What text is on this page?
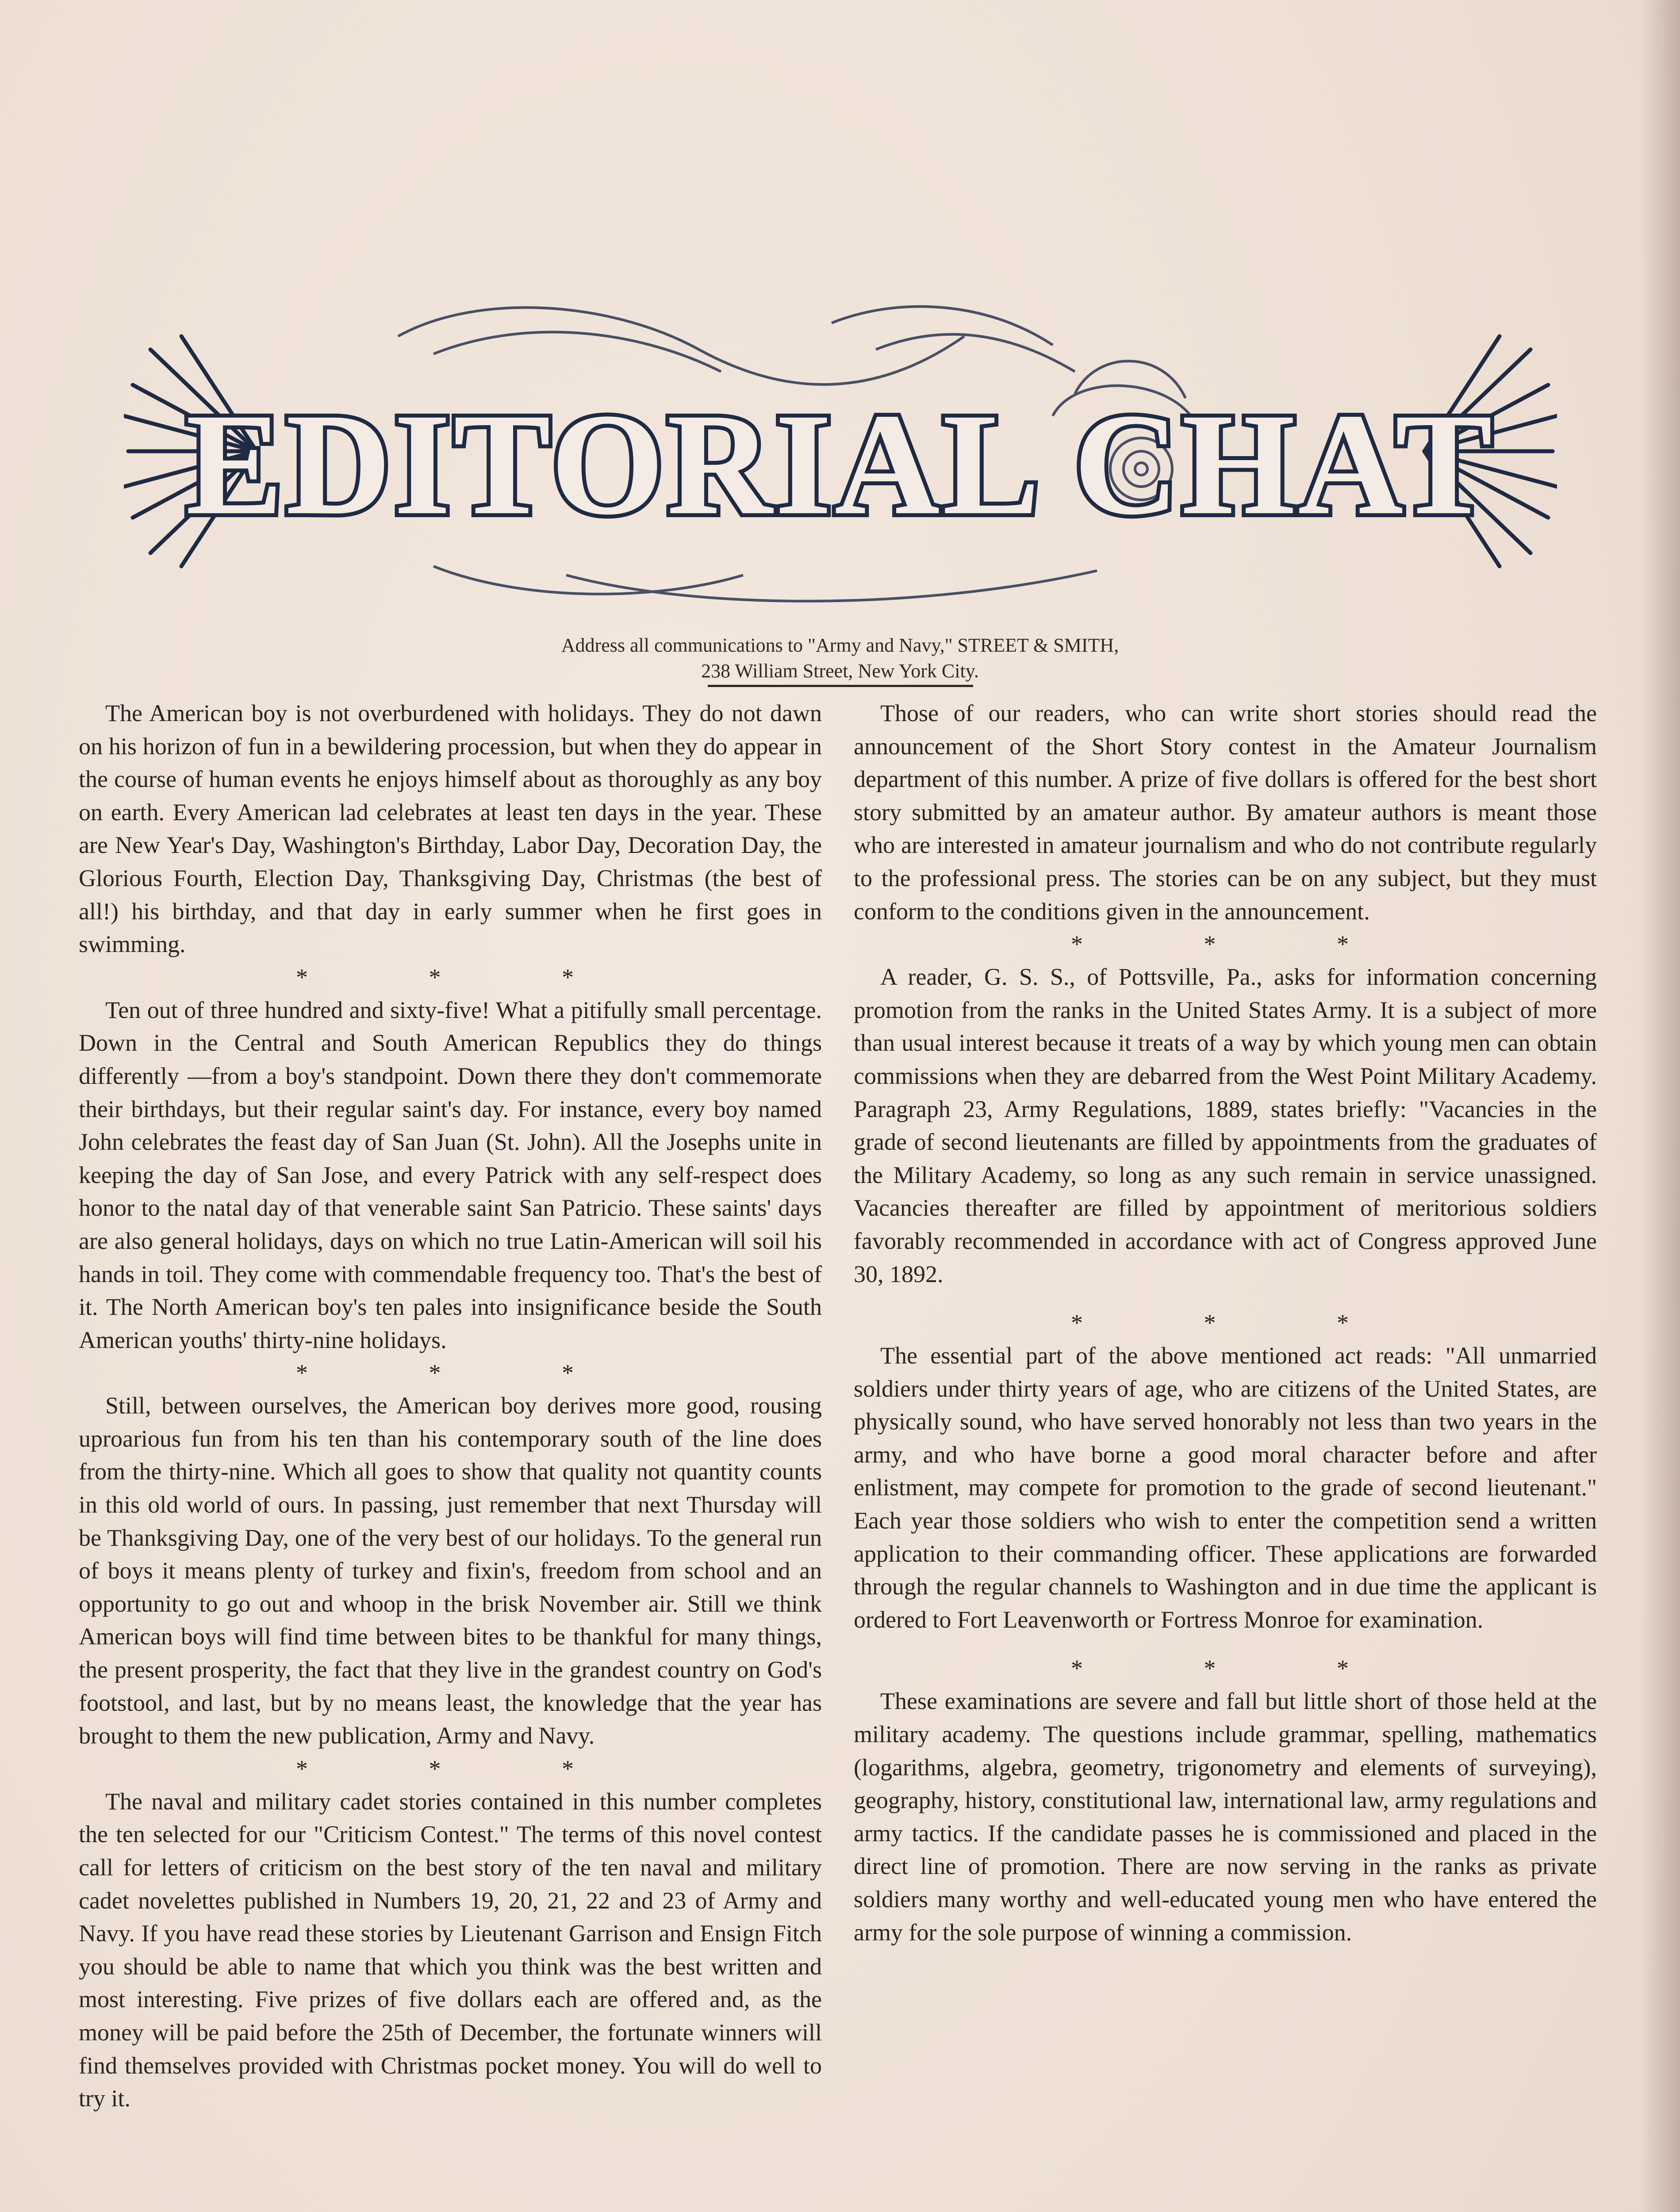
EDITORIAL CHAT
Address all communications to "Army and Navy," STREET & SMITH,
238 William Street, New York City.

The American boy is not overburdened with holidays. They do not dawn on his horizon of fun in a bewildering procession, but when they do appear in the course of human events he enjoys himself about as thoroughly as any boy on earth. Every American lad celebrates at least ten days in the year. These are New Year's Day, Washington's Birthday, Labor Day, Decoration Day, the Glorious Fourth, Election Day, Thanksgiving Day, Christmas (the best of all!) his birthday, and that day in early summer when he first goes in swimming.

* * *

Ten out of three hundred and sixty-five! What a pitifully small percentage. Down in the Central and South American Republics they do things differently —from a boy's standpoint. Down there they don't commemorate their birthdays, but their regular saint's day. For instance, every boy named John celebrates the feast day of San Juan (St. John). All the Josephs unite in keeping the day of San Jose, and every Patrick with any self-respect does honor to the natal day of that venerable saint San Patricio. These saints' days are also general holidays, days on which no true Latin-American will soil his hands in toil. They come with commendable frequency too. That's the best of it. The North American boy's ten pales into insignificance beside the South American youths' thirty-nine holidays.

* * *

Still, between ourselves, the American boy derives more good, rousing uproarious fun from his ten than his contemporary south of the line does from the thirty-nine. Which all goes to show that quality not quantity counts in this old world of ours. In passing, just remember that next Thursday will be Thanksgiving Day, one of the very best of our holidays. To the general run of boys it means plenty of turkey and fixin's, freedom from school and an opportunity to go out and whoop in the brisk November air. Still we think American boys will find time between bites to be thankful for many things, the present prosperity, the fact that they live in the grandest country on God's footstool, and last, but by no means least, the knowledge that the year has brought to them the new publication, Army and Navy.

* * *

The naval and military cadet stories contained in this number completes the ten selected for our "Criticism Contest." The terms of this novel contest call for letters of criticism on the best story of the ten naval and military cadet novelettes published in Numbers 19, 20, 21, 22 and 23 of Army and Navy. If you have read these stories by Lieutenant Garrison and Ensign Fitch you should be able to name that which you think was the best written and most interesting. Five prizes of five dollars each are offered and, as the money will be paid before the 25th of December, the fortunate winners will find themselves provided with Christmas pocket money. You will do well to try it.

Those of our readers, who can write short stories should read the announcement of the Short Story contest in the Amateur Journalism department of this number. A prize of five dollars is offered for the best short story submitted by an amateur author. By amateur authors is meant those who are interested in amateur journalism and who do not contribute regularly to the professional press. The stories can be on any subject, but they must conform to the conditions given in the announcement.

* * *

A reader, G. S. S., of Pottsville, Pa., asks for information concerning promotion from the ranks in the United States Army. It is a subject of more than usual interest because it treats of a way by which young men can obtain commissions when they are debarred from the West Point Military Academy. Paragraph 23, Army Regulations, 1889, states briefly: "Vacancies in the grade of second lieutenants are filled by appointments from the graduates of the Military Academy, so long as any such remain in service unassigned. Vacancies thereafter are filled by appointment of meritorious soldiers favorably recommended in accordance with act of Congress approved June 30, 1892.

* * *

The essential part of the above mentioned act reads: "All unmarried soldiers under thirty years of age, who are citizens of the United States, are physically sound, who have served honorably not less than two years in the army, and who have borne a good moral character before and after enlistment, may compete for promotion to the grade of second lieutenant." Each year those soldiers who wish to enter the competition send a written application to their commanding officer. These applications are forwarded through the regular channels to Washington and in due time the applicant is ordered to Fort Leavenworth or Fortress Monroe for examination.

* * *

These examinations are severe and fall but little short of those held at the military academy. The questions include grammar, spelling, mathematics (logarithms, algebra, geometry, trigonometry and elements of surveying), geography, history, constitutional law, international law, army regulations and army tactics. If the candidate passes he is commissioned and placed in the direct line of promotion. There are now serving in the ranks as private soldiers many worthy and well-educated young men who have entered the army for the sole purpose of winning a commission.
